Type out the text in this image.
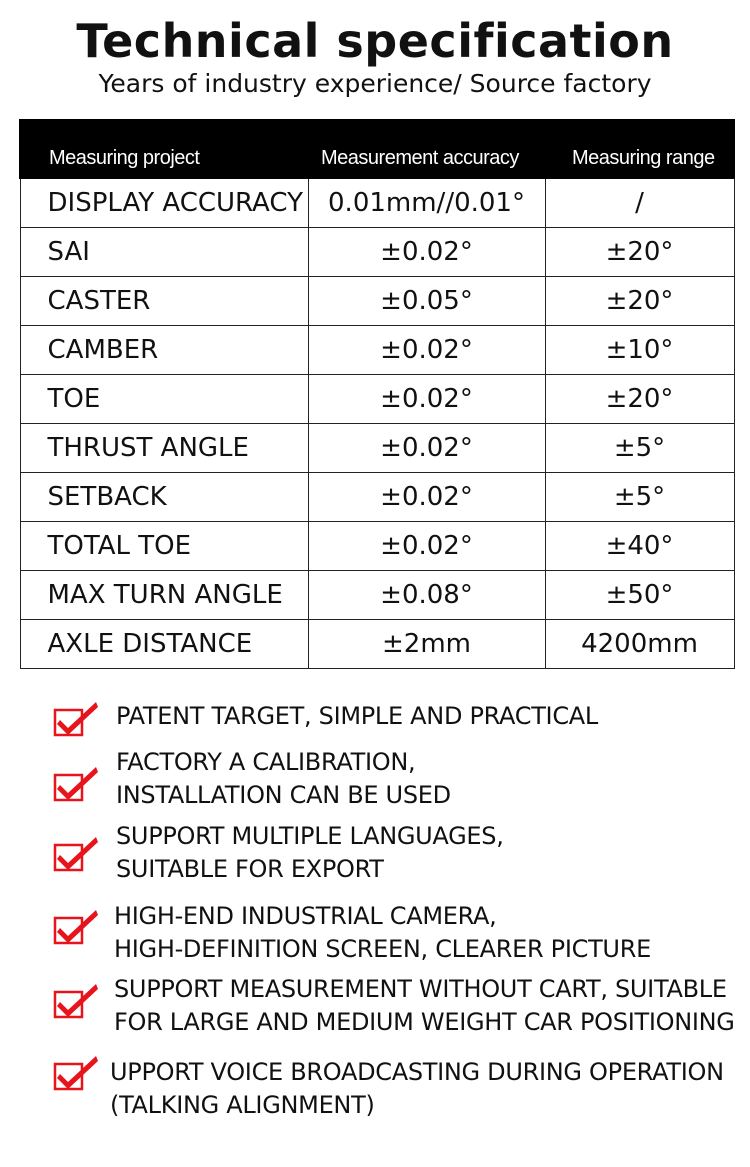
Technical specification
Years of industry experience/ Source factory
Measuring project	Measurement accuracy	Measuring range
DISPLAY ACCURACY	0.01mm//0.01°	/
SAI	±0.02°	±20°
CASTER	±0.05°	±20°
CAMBER	±0.02°	±10°
TOE	±0.02°	±20°
THRUST ANGLE	±0.02°	±5°
SETBACK	±0.02°	±5°
TOTAL TOE	±0.02°	±40°
MAX TURN ANGLE	±0.08°	±50°
AXLE DISTANCE	±2mm	4200mm
PATENT TARGET, SIMPLE AND PRACTICAL
FACTORY A CALIBRATION,
INSTALLATION CAN BE USED
SUPPORT MULTIPLE LANGUAGES,
SUITABLE FOR EXPORT
HIGH-END INDUSTRIAL CAMERA,
HIGH-DEFINITION SCREEN, CLEARER PICTURE
SUPPORT MEASUREMENT WITHOUT CART, SUITABLE
FOR LARGE AND MEDIUM WEIGHT CAR POSITIONING
UPPORT VOICE BROADCASTING DURING OPERATION
(TALKING ALIGNMENT)
